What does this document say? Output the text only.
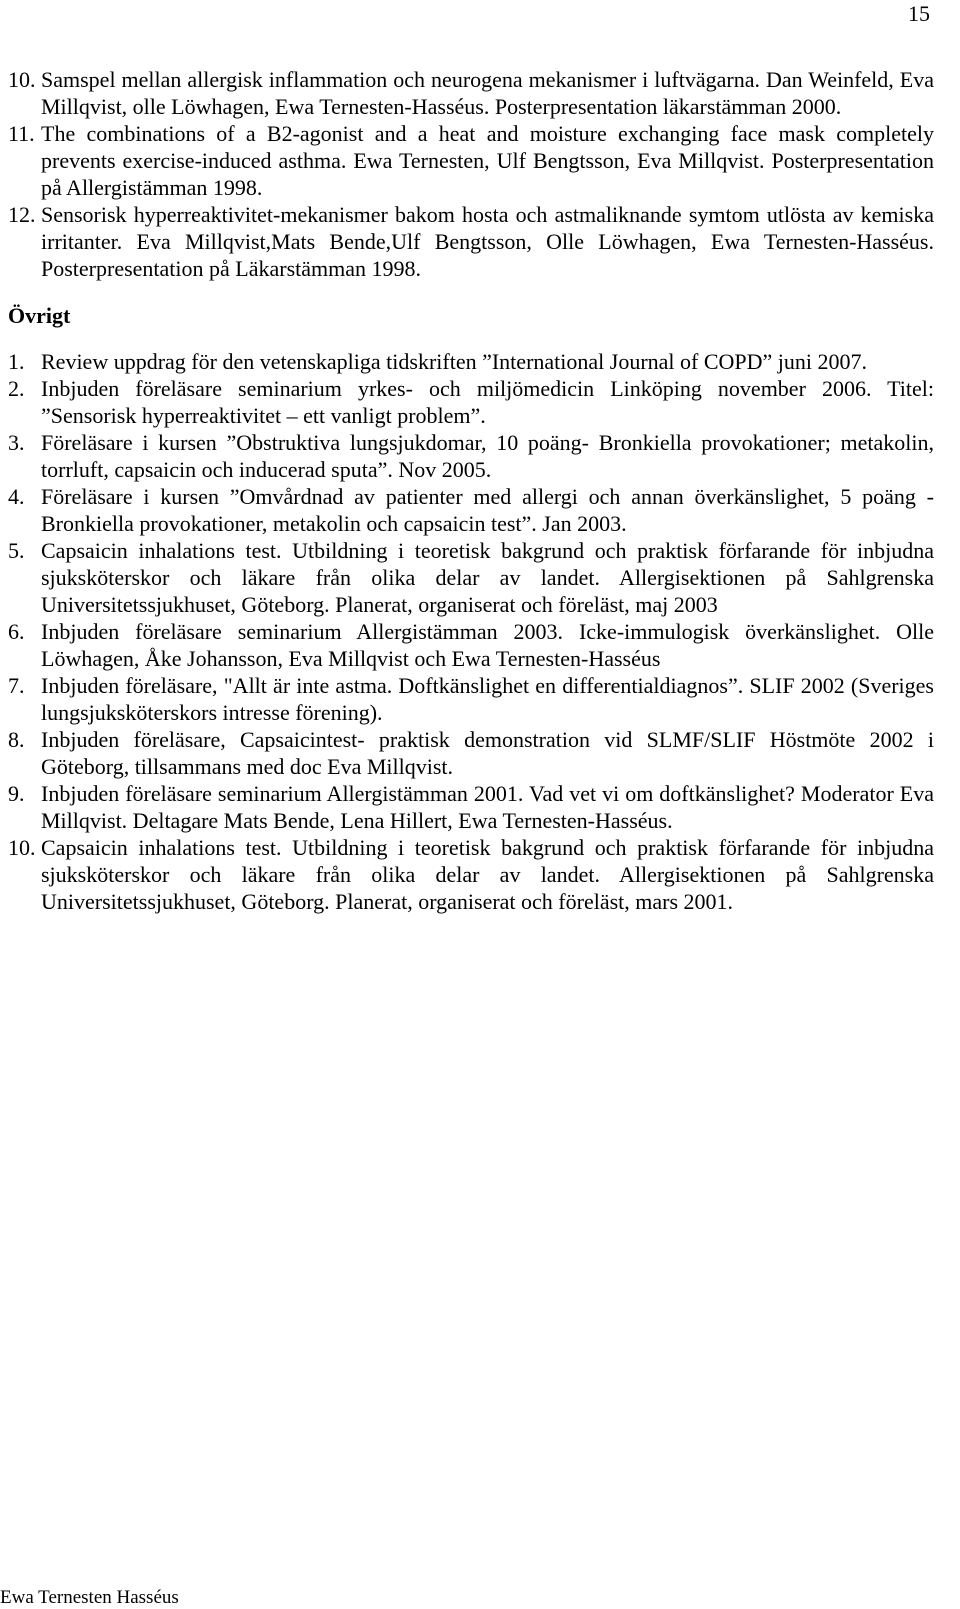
15
10. Samspel mellan allergisk inflammation och neurogena mekanismer i luftvägarna. Dan Weinfeld, Eva Millqvist, olle Löwhagen, Ewa Ternesten-Hasséus. Posterpresentation läkarstämman 2000.
11. The combinations of a B2-agonist and a heat and moisture exchanging face mask completely prevents exercise-induced asthma. Ewa Ternesten, Ulf Bengtsson, Eva Millqvist. Posterpresentation på Allergistämman 1998.
12. Sensorisk hyperreaktivitet-mekanismer bakom hosta och astmaliknande symtom utlösta av kemiska irritanter. Eva Millqvist,Mats Bende,Ulf Bengtsson, Olle Löwhagen, Ewa Ternesten-Hasséus. Posterpresentation på Läkarstämman 1998.
Övrigt
1. Review uppdrag för den vetenskapliga tidskriften ”International Journal of COPD” juni 2007.
2. Inbjuden föreläsare seminarium yrkes- och miljömedicin Linköping november 2006. Titel: ”Sensorisk hyperreaktivitet – ett vanligt problem”.
3. Föreläsare i kursen ”Obstruktiva lungsjukdomar, 10 poäng- Bronkiella provokationer; metakolin, torrluft, capsaicin och inducerad sputa”. Nov 2005.
4. Föreläsare i kursen ”Omvårdnad av patienter med allergi och annan överkänslighet, 5 poäng - Bronkiella provokationer, metakolin och capsaicin test”. Jan 2003.
5. Capsaicin inhalations test. Utbildning i teoretisk bakgrund och praktisk förfarande för inbjudna sjuksköterskor och läkare från olika delar av landet. Allergisektionen på Sahlgrenska Universitetssjukhuset, Göteborg. Planerat, organiserat och föreläst, maj 2003
6. Inbjuden föreläsare seminarium Allergistämman 2003. Icke-immulogisk överkänslighet. Olle Löwhagen, Åke Johansson, Eva Millqvist och Ewa Ternesten-Hasséus
7. Inbjuden föreläsare, "Allt är inte astma. Doftkänslighet en differentialdiagnos”. SLIF 2002 (Sveriges lungsjuksköterskors intresse förening).
8. Inbjuden föreläsare, Capsaicintest- praktisk demonstration vid SLMF/SLIF Höstmöte 2002 i Göteborg, tillsammans med doc Eva Millqvist.
9. Inbjuden föreläsare seminarium Allergistämman 2001. Vad vet vi om doftkänslighet? Moderator Eva Millqvist. Deltagare Mats Bende, Lena Hillert, Ewa Ternesten-Hasséus.
10. Capsaicin inhalations test. Utbildning i teoretisk bakgrund och praktisk förfarande för inbjudna sjuksköterskor och läkare från olika delar av landet. Allergisektionen på Sahlgrenska Universitetssjukhuset, Göteborg. Planerat, organiserat och föreläst, mars 2001.
Ewa Ternesten Hasséus
